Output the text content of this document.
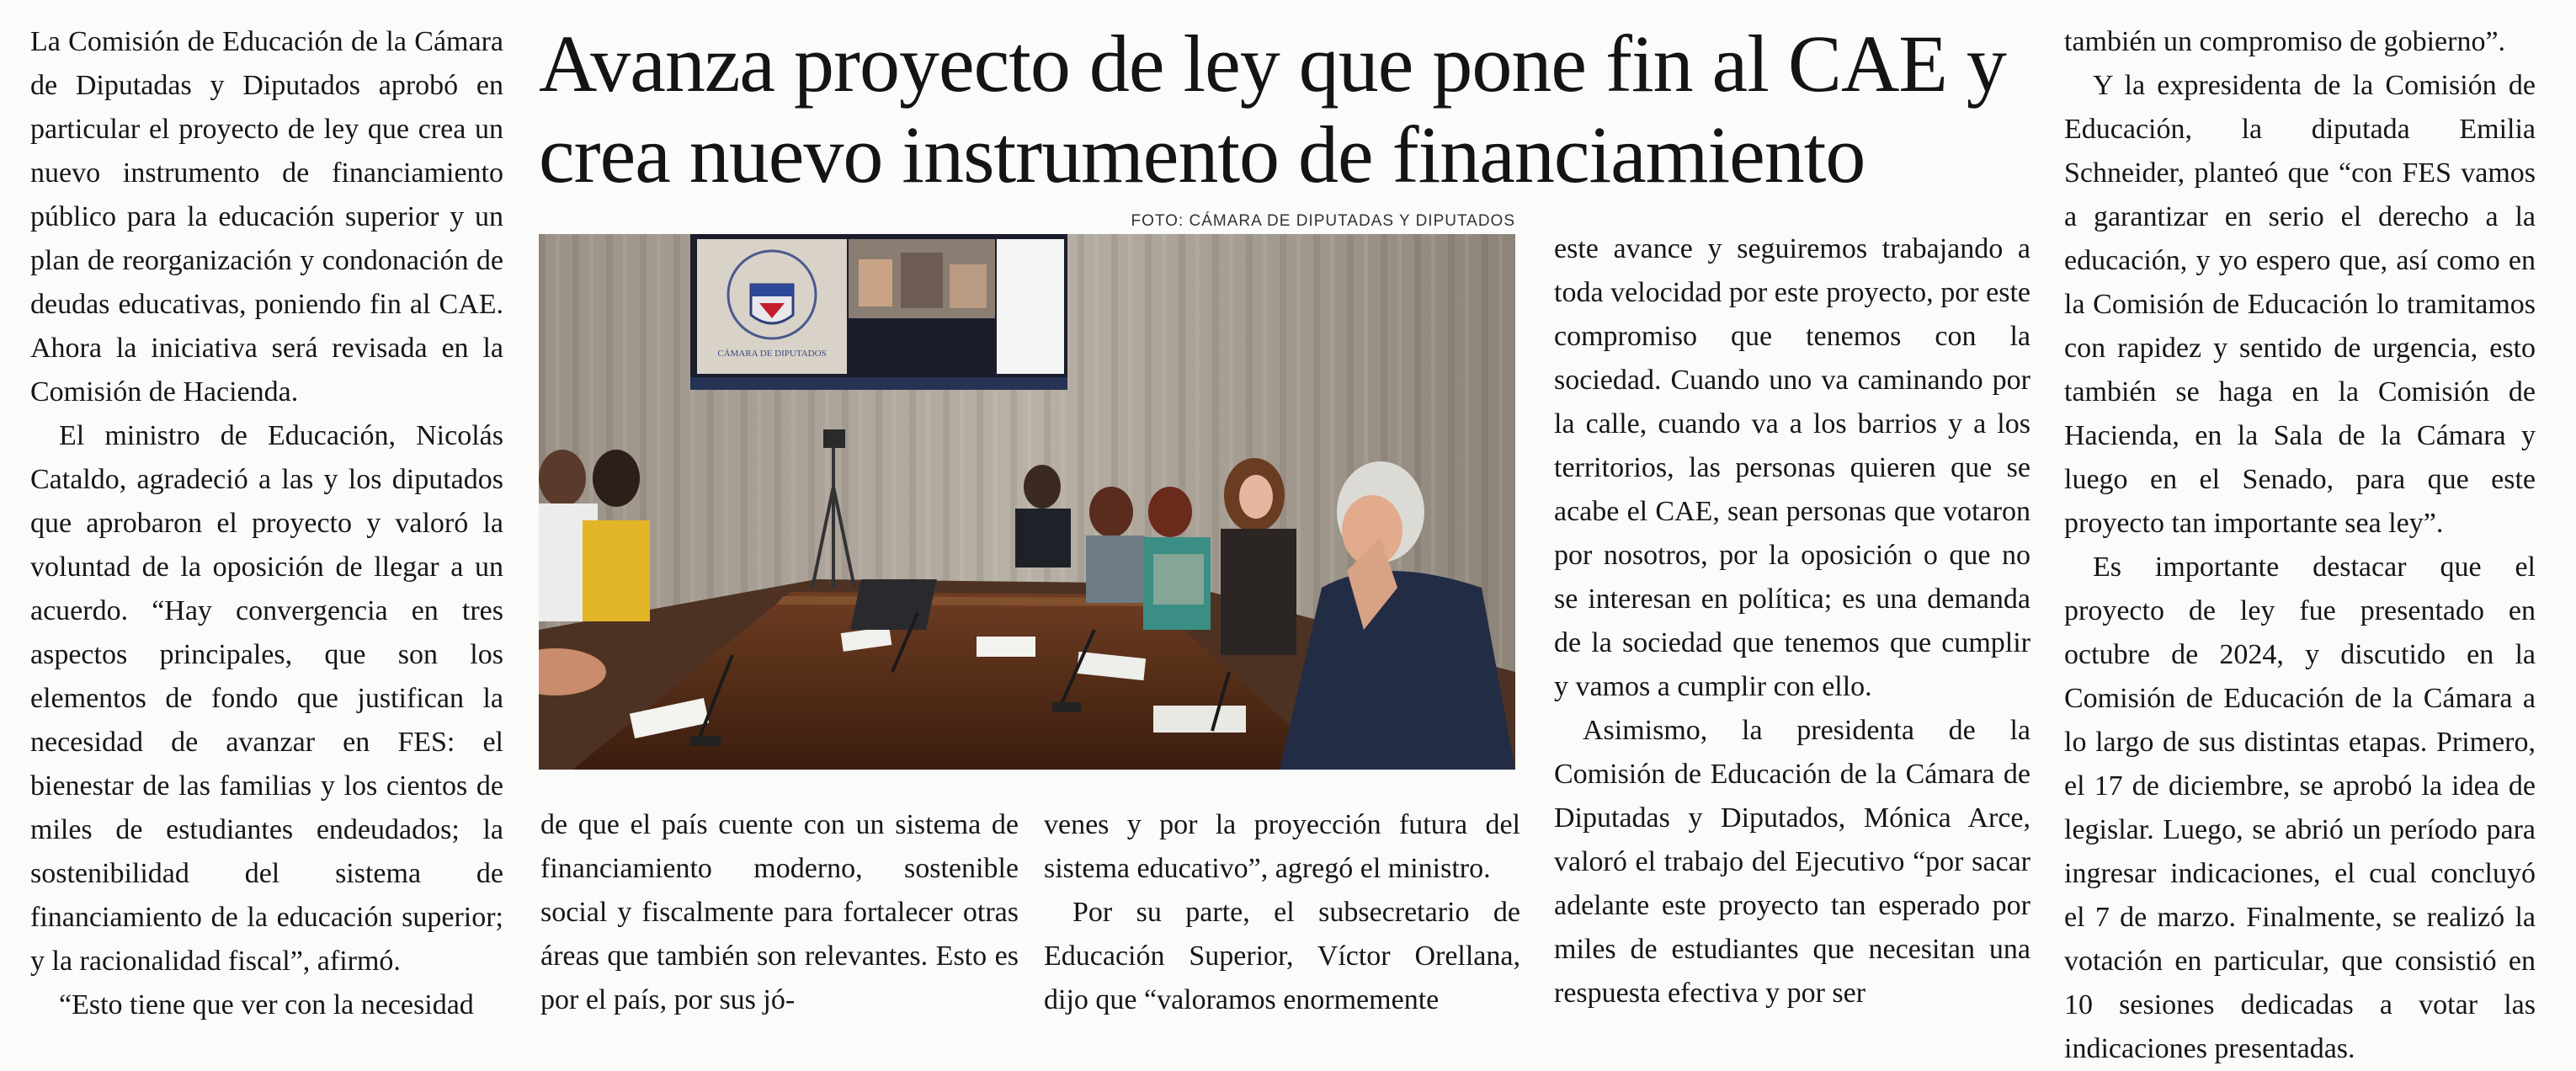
Avanza proyecto de ley que pone fin al CAE y crea nuevo instrumento de financiamiento

La Comisión de Educación de la Cámara de Diputadas y Diputados aprobó en particular el proyecto de ley que crea un nuevo instrumento de financiamiento público para la educación superior y un plan de reorganización y condonación de deudas educativas, poniendo fin al CAE. Ahora la iniciativa será revisada en la Comisión de Hacienda.

El ministro de Educación, Nicolás Cataldo, agradeció a las y los diputados que aprobaron el proyecto y valoró la voluntad de la oposición de llegar a un acuerdo. “Hay convergencia en tres aspectos principales, que son los elementos de fondo que justifican la necesidad de avanzar en FES: el bienestar de las familias y los cientos de miles de estudiantes endeudados; la sostenibilidad del sistema de financiamiento de la educación superior; y la racionalidad fiscal”, afirmó.

“Esto tiene que ver con la necesidad

FOTO: CÁMARA DE DIPUTADAS Y DIPUTADOS
CÁMARA DE DIPUTADOS

de que el país cuente con un sistema de financiamiento moderno, sostenible social y fiscalmente para fortalecer otras áreas que también son relevantes. Esto es por el país, por sus jó-

venes y por la proyección futura del sistema educativo”, agregó el ministro.

Por su parte, el subsecretario de Educación Superior, Víctor Orellana, dijo que “valoramos enormemente

este avance y seguiremos trabajando a toda velocidad por este proyecto, por este compromiso que tenemos con la sociedad. Cuando uno va caminando por la calle, cuando va a los barrios y a los territorios, las personas quieren que se acabe el CAE, sean personas que votaron por nosotros, por la oposición o que no se interesan en política; es una demanda de la sociedad que tenemos que cumplir y vamos a cumplir con ello.

Asimismo, la presidenta de la Comisión de Educación de la Cámara de Diputadas y Diputados, Mónica Arce, valoró el trabajo del Ejecutivo “por sacar adelante este proyecto tan esperado por miles de estudiantes que necesitan una respuesta efectiva y por ser

también un compromiso de gobierno”.

Y la expresidenta de la Comisión de Educación, la diputada Emilia Schneider, planteó que “con FES vamos a garantizar en serio el derecho a la educación, y yo espero que, así como en la Comisión de Educación lo tramitamos con rapidez y sentido de urgencia, esto también se haga en la Comisión de Hacienda, en la Sala de la Cámara y luego en el Senado, para que este proyecto tan importante sea ley”.

Es importante destacar que el proyecto de ley fue presentado en octubre de 2024, y discutido en la Comisión de Educación de la Cámara a lo largo de sus distintas etapas. Primero, el 17 de diciembre, se aprobó la idea de legislar. Luego, se abrió un período para ingresar indicaciones, el cual concluyó el 7 de marzo. Finalmente, se realizó la votación en particular, que consistió en 10 sesiones dedicadas a votar las indicaciones presentadas.
